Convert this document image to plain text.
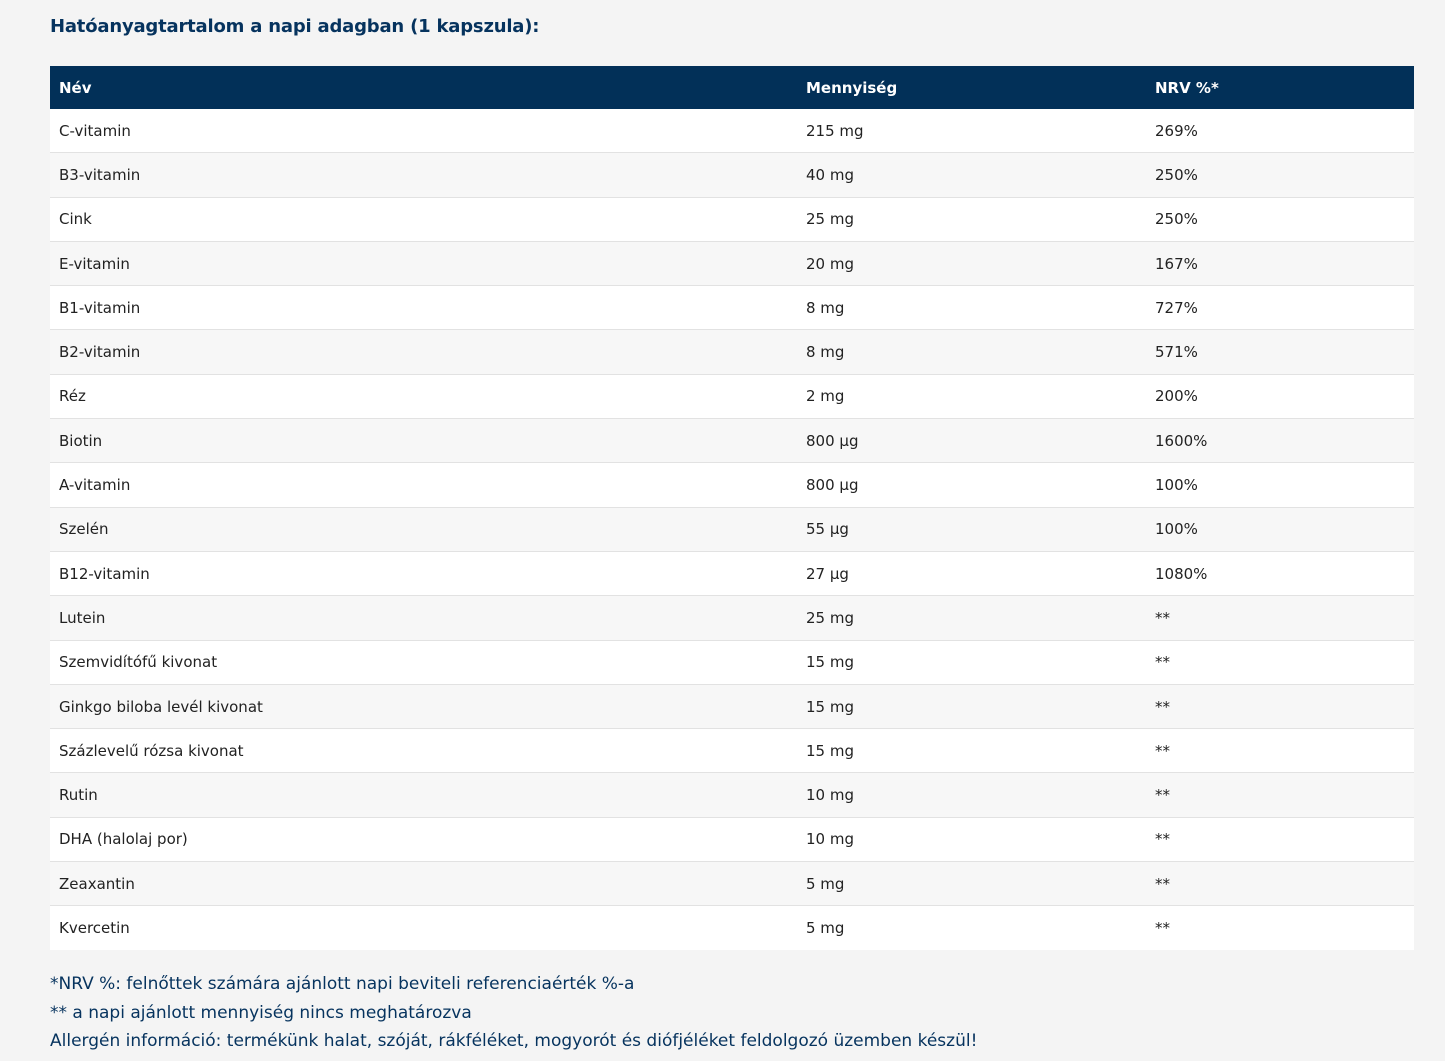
Hatóanyagtartalom a napi adagban (1 kapszula):
Név	Mennyiség	NRV %*
C-vitamin	215 mg	269%
B3-vitamin	40 mg	250%
Cink	25 mg	250%
E-vitamin	20 mg	167%
B1-vitamin	8 mg	727%
B2-vitamin	8 mg	571%
Réz	2 mg	200%
Biotin	800 µg	1600%
A-vitamin	800 µg	100%
Szelén	55 µg	100%
B12-vitamin	27 µg	1080%
Lutein	25 mg	**
Szemvidítófű kivonat	15 mg	**
Ginkgo biloba levél kivonat	15 mg	**
Százlevelű rózsa kivonat	15 mg	**
Rutin	10 mg	**
DHA (halolaj por)	10 mg	**
Zeaxantin	5 mg	**
Kvercetin	5 mg	**
*NRV %: felnőttek számára ajánlott napi beviteli referenciaérték %-a
** a napi ajánlott mennyiség nincs meghatározva
Allergén információ: termékünk halat, szóját, rákféléket, mogyorót és diófjéléket feldolgozó üzemben készül!
